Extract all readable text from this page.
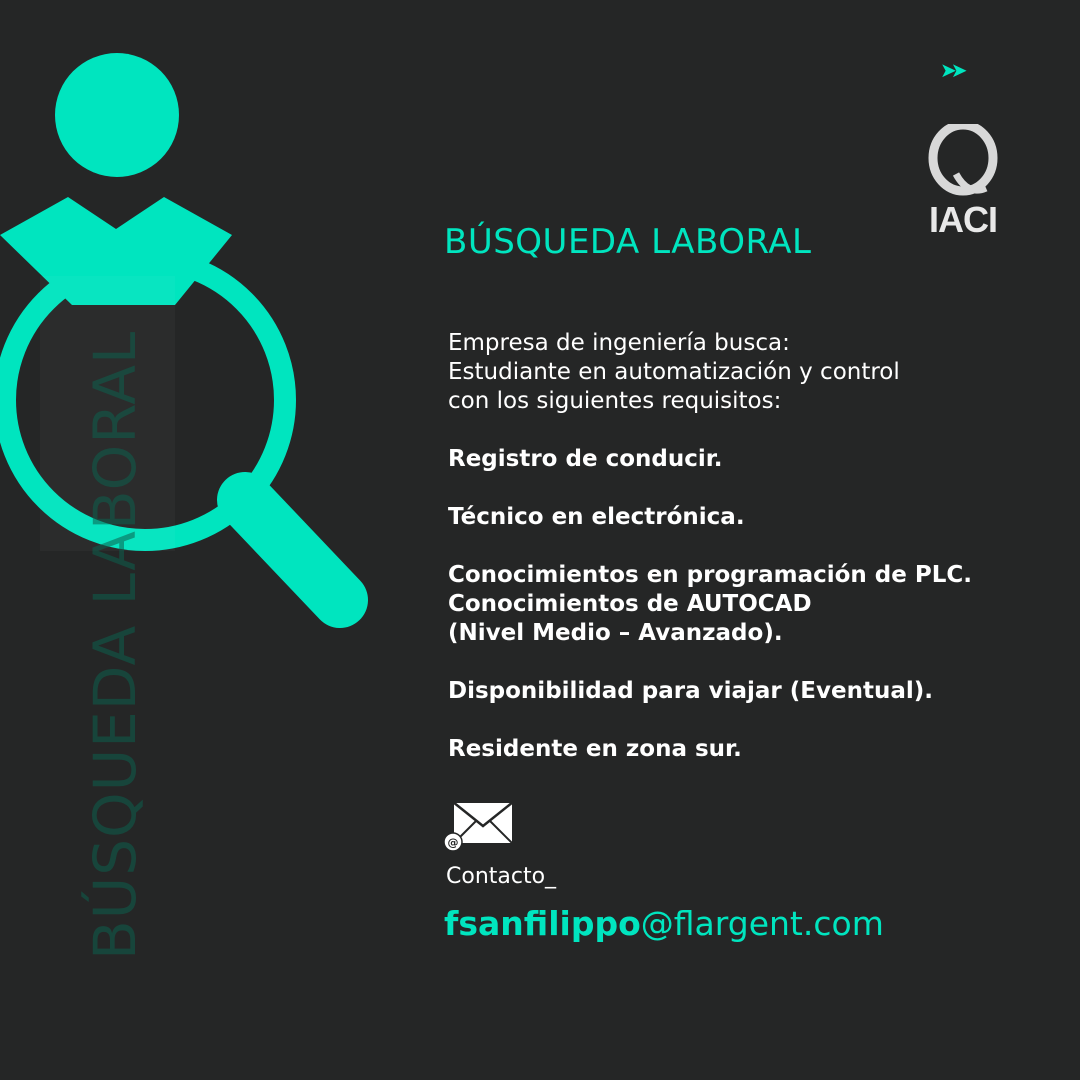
BÚSQUEDA LABORAL
➤➤
IACI
BÚSQUEDA LABORAL
Empresa de ingeniería busca:
Estudiante en automatización y control
con los siguientes requisitos:
Registro de conducir.
Técnico en electrónica.
Conocimientos en programación de PLC.
Conocimientos de AUTOCAD
(Nivel Medio – Avanzado).
Disponibilidad para viajar (Eventual).
Residente en zona sur.
@
Contacto_
fsanfilippo@flargent.com
